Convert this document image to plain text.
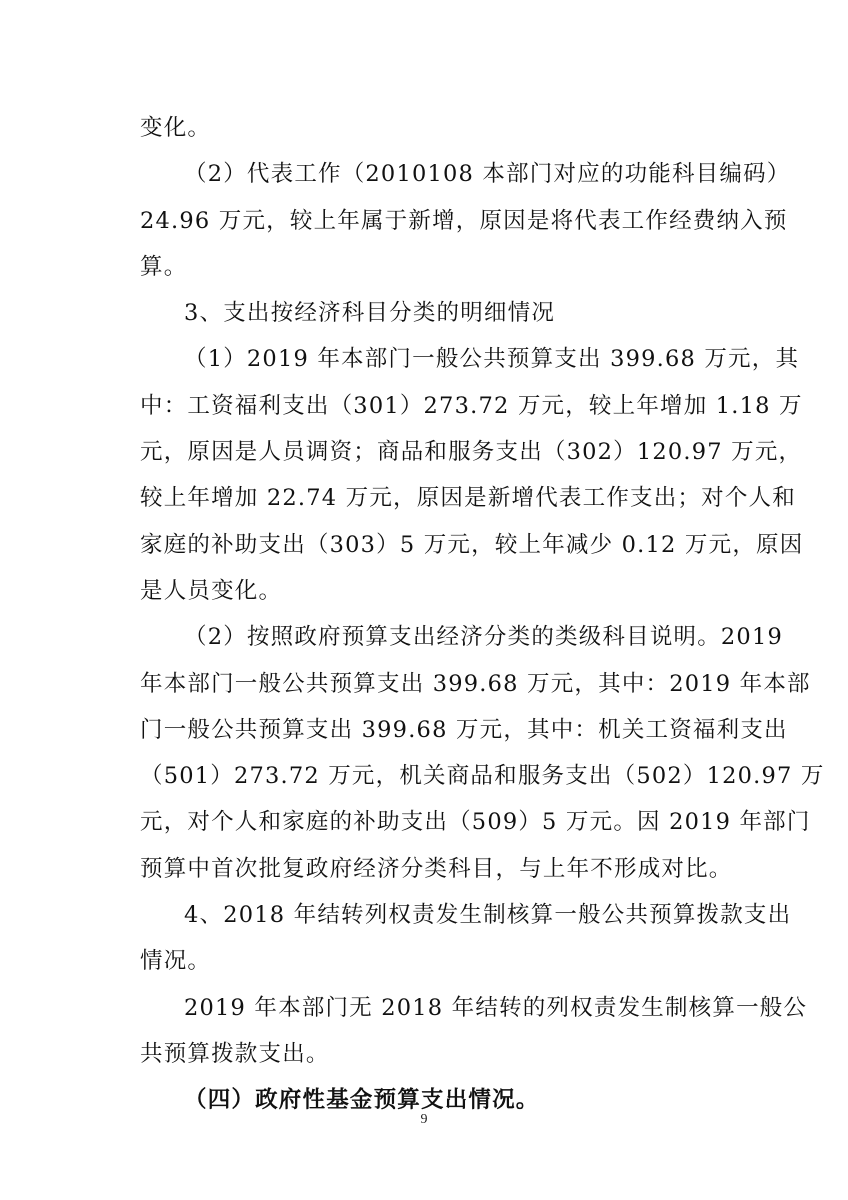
变化。
（2）代表工作（2010108 本部门对应的功能科目编码）
24.96 万元，较上年属于新增，原因是将代表工作经费纳入预
算。
3、支出按经济科目分类的明细情况
（1）2019 年本部门一般公共预算支出 399.68 万元，其
中：工资福利支出（301）273.72 万元，较上年增加 1.18 万
元，原因是人员调资；商品和服务支出（302）120.97 万元，
较上年增加 22.74 万元，原因是新增代表工作支出；对个人和
家庭的补助支出（303）5 万元，较上年减少 0.12 万元，原因
是人员变化。
（2）按照政府预算支出经济分类的类级科目说明。2019
年本部门一般公共预算支出 399.68 万元，其中：2019 年本部
门一般公共预算支出 399.68 万元，其中：机关工资福利支出
（501）273.72 万元，机关商品和服务支出（502）120.97 万
元，对个人和家庭的补助支出（509）5 万元。因 2019 年部门
预算中首次批复政府经济分类科目，与上年不形成对比。
4、2018 年结转列权责发生制核算一般公共预算拨款支出
情况。
2019 年本部门无 2018 年结转的列权责发生制核算一般公
共预算拨款支出。
（四）政府性基金预算支出情况。
9
